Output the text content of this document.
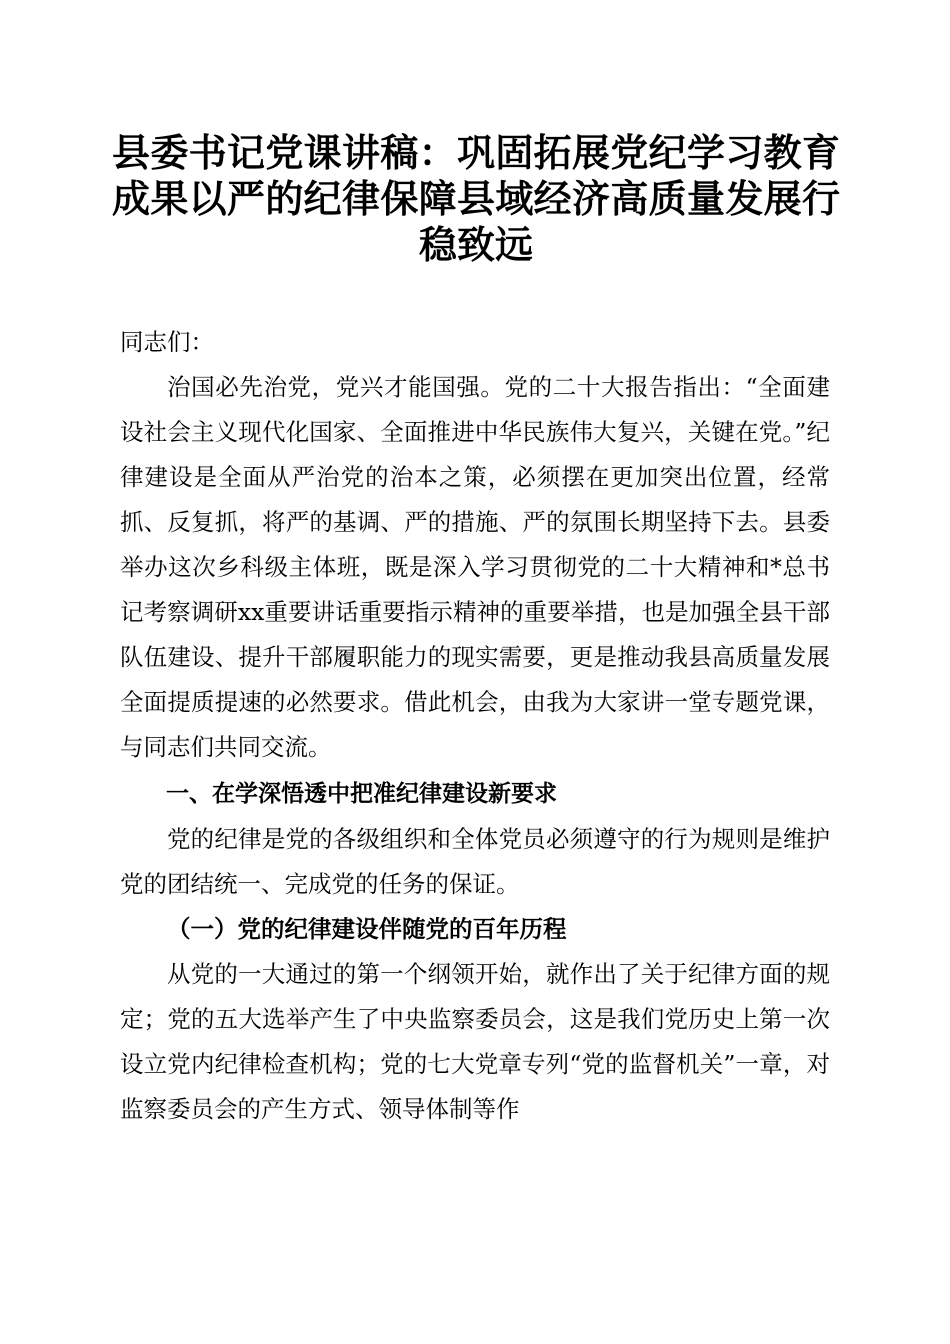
县委书记党课讲稿：巩固拓展党纪学习教育成果以严的纪律保障县域经济高质量发展行稳致远

同志们：

治国必先治党，党兴才能国强。党的二十大报告指出：“全面建设社会主义现代化国家、全面推进中华民族伟大复兴，关键在党。”纪律建设是全面从严治党的治本之策，必须摆在更加突出位置，经常抓、反复抓，将严的基调、严的措施、严的氛围长期坚持下去。县委举办这次乡科级主体班，既是深入学习贯彻党的二十大精神和*总书记考察调研xx重要讲话重要指示精神的重要举措，也是加强全县干部队伍建设、提升干部履职能力的现实需要，更是推动我县高质量发展全面提质提速的必然要求。借此机会，由我为大家讲一堂专题党课，与同志们共同交流。

一、在学深悟透中把准纪律建设新要求

党的纪律是党的各级组织和全体党员必须遵守的行为规则是维护党的团结统一、完成党的任务的保证。

（一）党的纪律建设伴随党的百年历程

从党的一大通过的第一个纲领开始，就作出了关于纪律方面的规定；党的五大选举产生了中央监察委员会，这是我们党历史上第一次设立党内纪律检查机构；党的七大党章专列“党的监督机关”一章，对监察委员会的产生方式、领导体制等作
